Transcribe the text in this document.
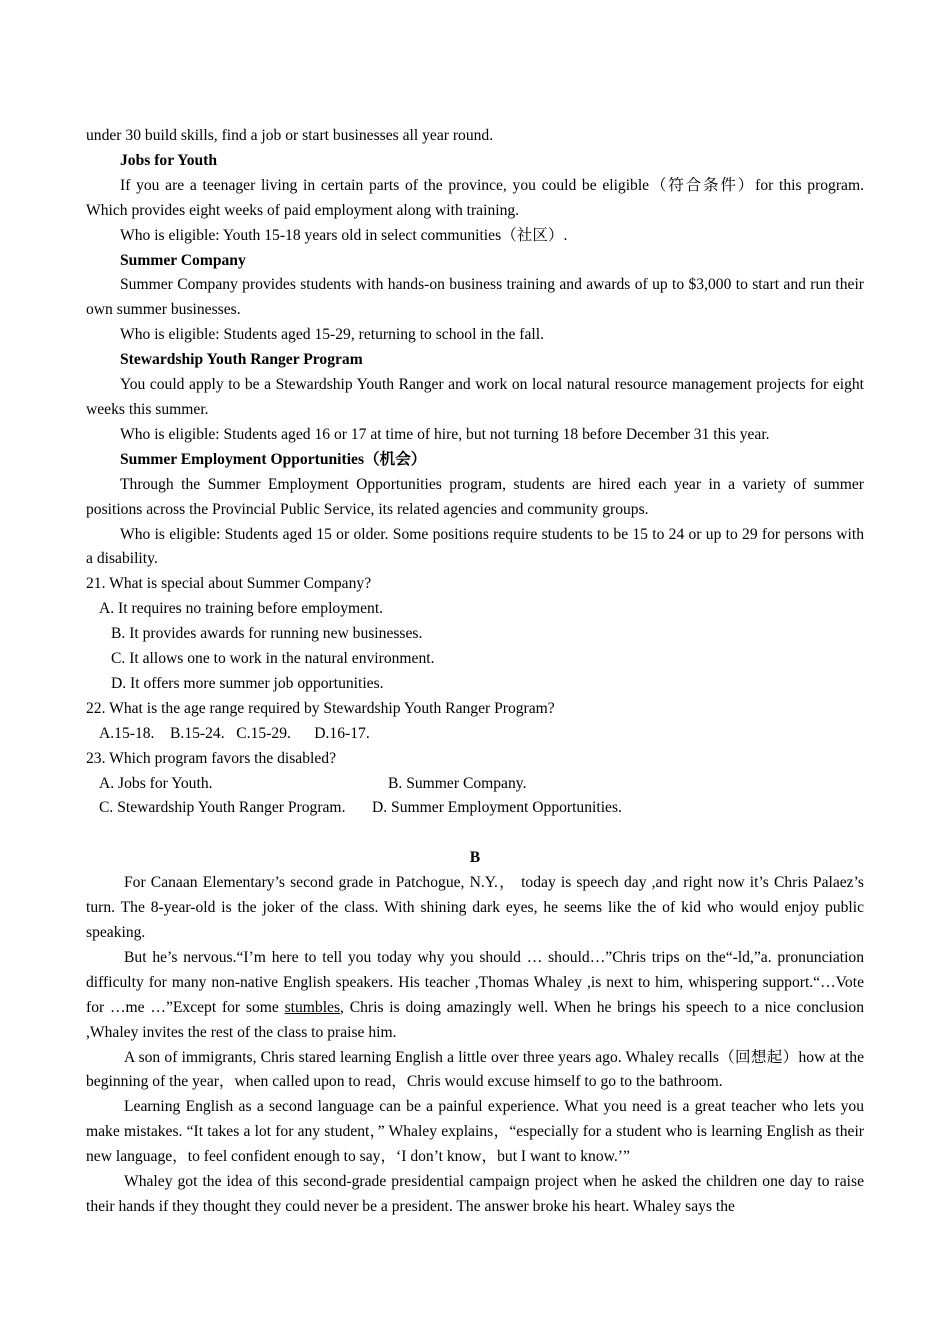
under 30 build skills, find a job or start businesses all year round.

Jobs for Youth

If you are a teenager living in certain parts of the province, you could be eligible（符合条件）for this program. Which provides eight weeks of paid employment along with training.

Who is eligible: Youth 15-18 years old in select communities（社区）.

Summer Company

Summer Company provides students with hands-on business training and awards of up to $3,000 to start and run their own summer businesses.

Who is eligible: Students aged 15-29, returning to school in the fall.

Stewardship Youth Ranger Program

You could apply to be a Stewardship Youth Ranger and work on local natural resource management projects for eight weeks this summer.

Who is eligible: Students aged 16 or 17 at time of hire, but not turning 18 before December 31 this year.

Summer Employment Opportunities（机会）

Through the Summer Employment Opportunities program, students are hired each year in a variety of summer positions across the Provincial Public Service, its related agencies and community groups.

Who is eligible: Students aged 15 or older. Some positions require students to be 15 to 24 or up to 29 for persons with a disability.

21. What is special about Summer Company?

A. It requires no training before employment.

B. It provides awards for running new businesses.

C. It allows one to work in the natural environment.

D. It offers more summer job opportunities.

22. What is the age range required by Stewardship Youth Ranger Program?

A.15-18.    B.15-24.   C.15-29.      D.16-17.

23. Which program favors the disabled?

A. Jobs for Youth.	B. Summer Company.
C. Stewardship Youth Ranger Program.	D. Summer Employment Opportunities.

B

For Canaan Elementary’s second grade in Patchogue, N.Y.， today is speech day ,and right now it’s Chris Palaez’s turn. The 8-year-old is the joker of the class. With shining dark eyes, he seems like the of kid who would enjoy public speaking.

But he’s nervous.“I’m here to tell you today why you should … should…”Chris trips on the“-ld,”a. pronunciation difficulty for many non-native English speakers. His teacher ,Thomas Whaley ,is next to him, whispering support.“…Vote for …me …”Except for some stumbles, Chris is doing amazingly well. When he brings his speech to a nice conclusion ,Whaley invites the rest of the class to praise him.

A son of immigrants, Chris stared learning English a little over three years ago. Whaley recalls（回想起）how at the beginning of the year，when called upon to read，Chris would excuse himself to go to the bathroom.

Learning English as a second language can be a painful experience. What you need is a great teacher who lets you make mistakes. “It takes a lot for any student，” Whaley explains，“especially for a student who is learning English as their new language，to feel confident enough to say，‘I don’t know，but I want to know.’”

Whaley got the idea of this second-grade presidential campaign project when he asked the children one day to raise their hands if they thought they could never be a president. The answer broke his heart. Whaley says the
